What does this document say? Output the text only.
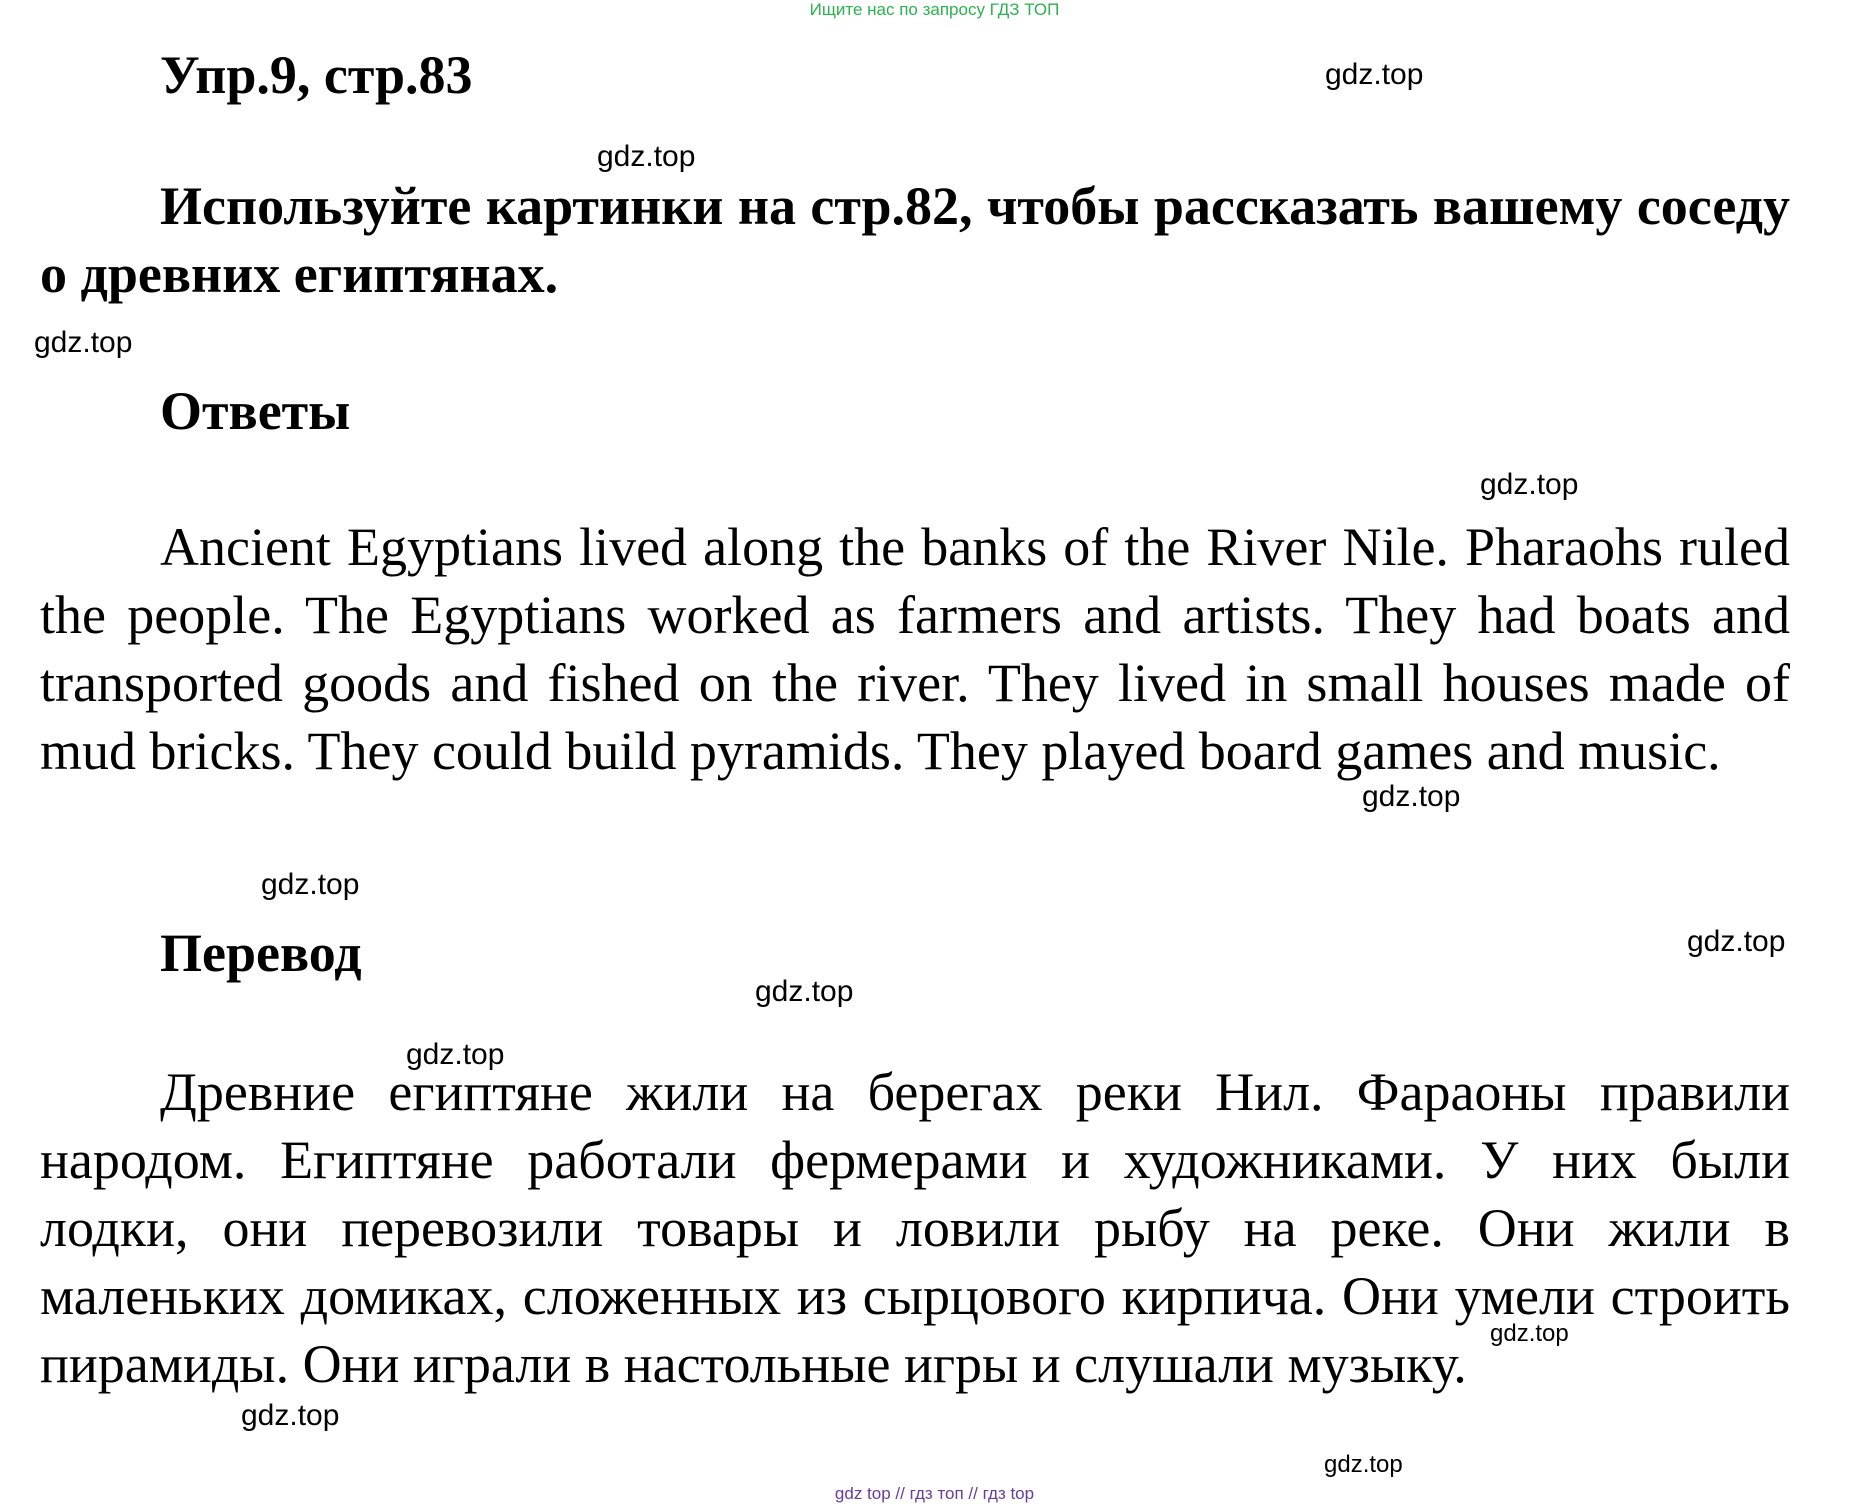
Ищите нас по запросу ГДЗ ТОП
Упр.9, стр.83
Используйте картинки на стр.82, чтобы рассказать вашему соседу о древних египтянах.
Ответы
Ancient Egyptians lived along the banks of the River Nile. Pharaohs ruled the people. The Egyptians worked as farmers and artists. They had boats and transported goods and fished on the river. They lived in small houses made of mud bricks. They could build pyramids. They played board games and music.
Перевод
Древние египтяне жили на берегах реки Нил. Фараоны правили народом. Египтяне работали фермерами и художниками. У них были лодки, они перевозили товары и ловили рыбу на реке. Они жили в маленьких домиках, сложенных из сырцового кирпича. Они умели строить пирамиды. Они играли в настольные игры и слушали музыку.
gdz.top
gdz.top
gdz.top
gdz.top
gdz.top
gdz.top
gdz.top
gdz.top
gdz.top
gdz.top
gdz.top
gdz.top
gdz top // гдз топ // гдз top
